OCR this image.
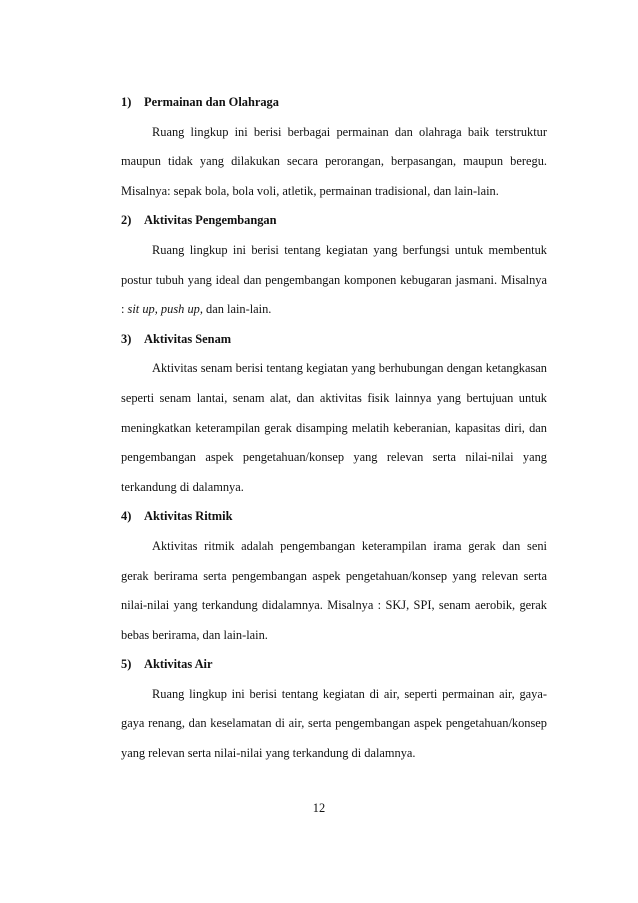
1) Permainan dan Olahraga

Ruang lingkup ini berisi berbagai permainan dan olahraga baik terstruktur maupun tidak yang dilakukan secara perorangan, berpasangan, maupun beregu. Misalnya: sepak bola, bola voli, atletik, permainan tradisional, dan lain-lain.

2) Aktivitas Pengembangan

Ruang lingkup ini berisi tentang kegiatan yang berfungsi untuk membentuk postur tubuh yang ideal dan pengembangan komponen kebugaran jasmani. Misalnya : sit up, push up, dan lain-lain.

3) Aktivitas Senam

Aktivitas senam berisi tentang kegiatan yang berhubungan dengan ketangkasan seperti senam lantai, senam alat, dan aktivitas fisik lainnya yang bertujuan untuk meningkatkan keterampilan gerak disamping melatih keberanian, kapasitas diri, dan pengembangan aspek pengetahuan/konsep yang relevan serta nilai-nilai yang terkandung di dalamnya.

4) Aktivitas Ritmik

Aktivitas ritmik adalah pengembangan keterampilan irama gerak dan seni gerak berirama serta pengembangan aspek pengetahuan/konsep yang relevan serta nilai-nilai yang terkandung didalamnya. Misalnya : SKJ, SPI, senam aerobik, gerak bebas berirama, dan lain-lain.

5) Aktivitas Air

Ruang lingkup ini berisi tentang kegiatan di air, seperti permainan air, gaya-gaya renang, dan keselamatan di air, serta pengembangan aspek pengetahuan/konsep yang relevan serta nilai-nilai yang terkandung di dalamnya.

12
